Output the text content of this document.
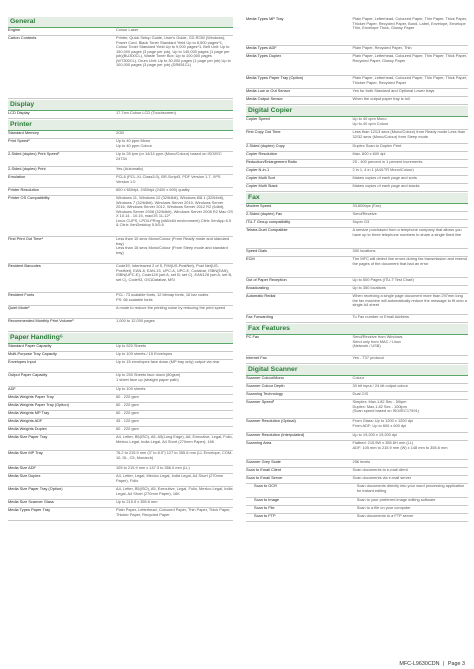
General
Engine	Colour Laser
Carton Contents	Printer, Quick Setup Guide, User's Guide, CD-ROM (Windows), Power Cord, Black Toner Standard Yield Up to 8,500 pages*1, Colour Toner Standard Yield Up to 9,000 pages*1, Belt Unit: Up to 150,000 pages (3 page per job), Up to 145,000 pages (1 page per job)(BU300CL), Waste Toner Box: Up to 100,000 pages (WT300CL), Drum Unit: Up to 30,000 pages (1 page per job) Up to 100,000 pages (3 page per job) (DR851CL)
Display
LCD Display	17.7cm Colour LCD (Touchscreen)
Printer
Standard Memory	2GB
Print Speed²	Up to 40 ppm Mono
Up to 40 ppm Colour
2-Sided (duplex) Print Speed³	Up to 28 ipm (or 14/14 ppm (Mono/Colour) based on ISO/IEC 24734
2-Sided (duplex) Print	Yes (Automatic)
Emulation	PCL6 (PCL-XL Class3.0), BR-Script3, PDF Version 1.7, XPS Version 1.0
Printer Resolution	600 x 600dpi, 2400dpi (2400 x 600) quality
Printer OS Compatibility	Windows 11, Windows 10 (32/64bit), Windows 8/8.1 (32/64bit), Windows 7 (32/64bit), Windows Server 2019, Windows Server 2016, Windows Server 2012, Windows Server 2012 R2 (64bit), Windows Server 2008 (32/64bit), Windows Server 2008 R2 Mac OS X 10.14 - 10.15, macOS 11-12³
Linux CUPS, LPD/LPRng (x86/x64 environment) Citrix XenApp 6.5 & Citrix XenDesktop 5.5/5.6
First Print Out Time⁴	Less than 10 secs Mono/Colour (From Ready mode and standard tray)
Less than 18 secs Mono/Colour (From Sleep mode and standard tray)
Resident Barcodes	Code39, Interleaved 2 of 5, FIM(US-PostNet), Post Net(US-PostNet), EAN-8, EAN-13, UPC-A, UPC-E, Codabar, ISBN(EAN), ISBN(UPC-E), Code128 (set A, set B, set C), EAN128 (set A, set B, set C), Code93, GS1Databar, MSI
Resident Fonts	PCL: 73 scalable fonts, 12 bitmap fonts, 16 bar codes
PS: 66 scalable fonts
Quiet Mode⁵	A mode to reduce the printing noise by reducing the print speed
Recommended Monthly Print Volume⁶	1,000 to 12,000 pages
Paper Handling⁶
Standard Paper Capacity	Up to 520 Sheets
Multi-Purpose Tray Capacity	Up to 100 sheets / 15 Envelopes
Envelopes Input	Up to 15 envelopes face down (MP tray only) output via rear
Output Paper Capacity	Up to 250 Sheets face down (80gsm)
1 sheet face up (straight paper path)
ADF	Up to 100 sheets
Media Weights Paper Tray	60 - 220 gsm
Media Weights Paper Tray (Option)	60 - 220 gsm
Media Weights MP Tray	60 - 220 gsm
Media Weights ADF	45 - 120 gsm
Media Weights Duplex	60 - 220 gsm
Media Size Paper Tray	A4, Letter, B5(ISO), A5, A5(Long Edge), A6, Executive, Legal, Folio, Mexico Legal, India Legal, A4 Short (270mm Paper), 16K
Media Size MP Tray	76.2 to 215.9 mm (3" to 8.5") 127 to 355.6 mm (LL Envelope, COM-10, DL, C5, Monarch)
Media Size ADF	105 to 215.9 mm x 147.3 to 356.0 mm (LL)
Media Size Duplex	A4, Letter, Legal, Mexico Legal, India Legal, A4 Short (270mm Paper), Folio
Media Size Paper Tray (Option)	A4, Letter, B5(ISO), A5, Executive, Legal, Folio, Mexico Legal, India Legal, A4 Short (270mm Paper), 16K
Media Size Scanner Glass	Up to 215.9 x 355.6 mm
Media Types Paper Tray	Plain Paper, Letterhead, Coloured Paper, Thin Paper, Thick Paper, Thicker Paper, Recycled Paper
Media Types MP Tray	Plain Paper, Letterhead, Coloured Paper, Thin Paper, Thick Paper, Thicker Paper, Recycled Paper, Bond, Label, Envelope, Envelope Thin, Envelope Thick, Glossy Paper
Media Types ADF	Plain Paper, Recycled Paper, Thin
Media Types Duplex	Plain Paper, Letterhead, Coloured Paper, Thin Paper, Thick Paper, Recycled Paper, Glossy Paper
Media Types Paper Tray (Option)	Plain Paper, Letterhead, Coloured Paper, Thin Paper, Thick Paper, Thicker Paper, Recycled Paper
Media Low or Out Sensor	Yes for both Standard and Optional Lower trays
Media Output Sensor	When the output paper tray is full
Digital Copier
Copier Speed	Up to 40 cpm Mono
Up to 40 cpm Colour
First Copy Out Time	Less than 12/13 secs (Mono/Colour) from Ready mode Less than 32/32 secs (Mono/Colour) from Sleep mode
2-Sided (duplex) Copy	Duplex Scan to Duplex Print
Copier Resolution	Max. 600 x 600 dpi
Reduction/Enlargement Ratio	25 - 400 percent in 1 percent increments
Copier N-in-1	2 in 1, 4 in 1 (A4/LTR Mono/Colour)
Copier Multi Sort	Makes copies of each page and sorts
Copier Multi Stack	Makes copies of each page and stacks
Fax
Modem Speed	33,600bps (Fax)
2-Sided (duplex) Fax	Send/Receive
ITU-T Group compatibility	Super G3
Telstra Duet Compatible	A service purchased from a telephone company that allows you have up to three telephone numbers to share a single fixed line
Speed Dials	300 locations
ECM	The MFC will detect line errors during fax transmission and resend the pages of the document that had an error
Out of Paper Reception	Up to 500 Pages (ITU-T Test Chart)
Broadcasting	Up to 350 locations
Automatic Redial	When receiving a single page document more than 297mm long the fax machine will automatically reduce the message to fit onto a single A4 sheet
Fax Forwarding	To Fax number or Email Address
Fax Features
PC Fax	Send/Receive from Windows
Send only from MAC / Linux
(Network / USB)
Internet Fax	Yes - T37 protocol
Digital Scanner
Scanner Colour/Mono	Colour
Scanner Colour Depth	30 bit input / 24 bit output colour
Scanning Technology	Dual CIS
Scanner Speed³	Simplex: Max.1.82 Sec - 50ipm
Duplex: Max.1.82 Sec - 100ipm
(Scan speed based on ISO/IEC17991)
Scanner Resolution (Optical)	From Glass: Up to 1200 x 1200 dpi
From ADF: Up to 600 x 600 dpi
Scanner Resolution (Interpolated)	Up to 19,200 x 19,200 dpi
Scanning Area	Flatbed: 215.9W x 355.6H mm (LL)
ADF: 105 mm to 215.9 mm (W) x 148 mm to 355.6 mm
Scanner Grey Scale	256 levels
Scan to Email Client	Scan documents to e-mail client
Scan to Email Server	Scan documents via e-mail server
Scan to OCR	Scan documents directly into your word processing application for instant editing
Scan to Image	Scan to your preferred image editing software
Scan to File	Scan to a file on your computer
Scan to FTP	Scan documents to a FTP server
MFC-L9630CDN | Page 3
